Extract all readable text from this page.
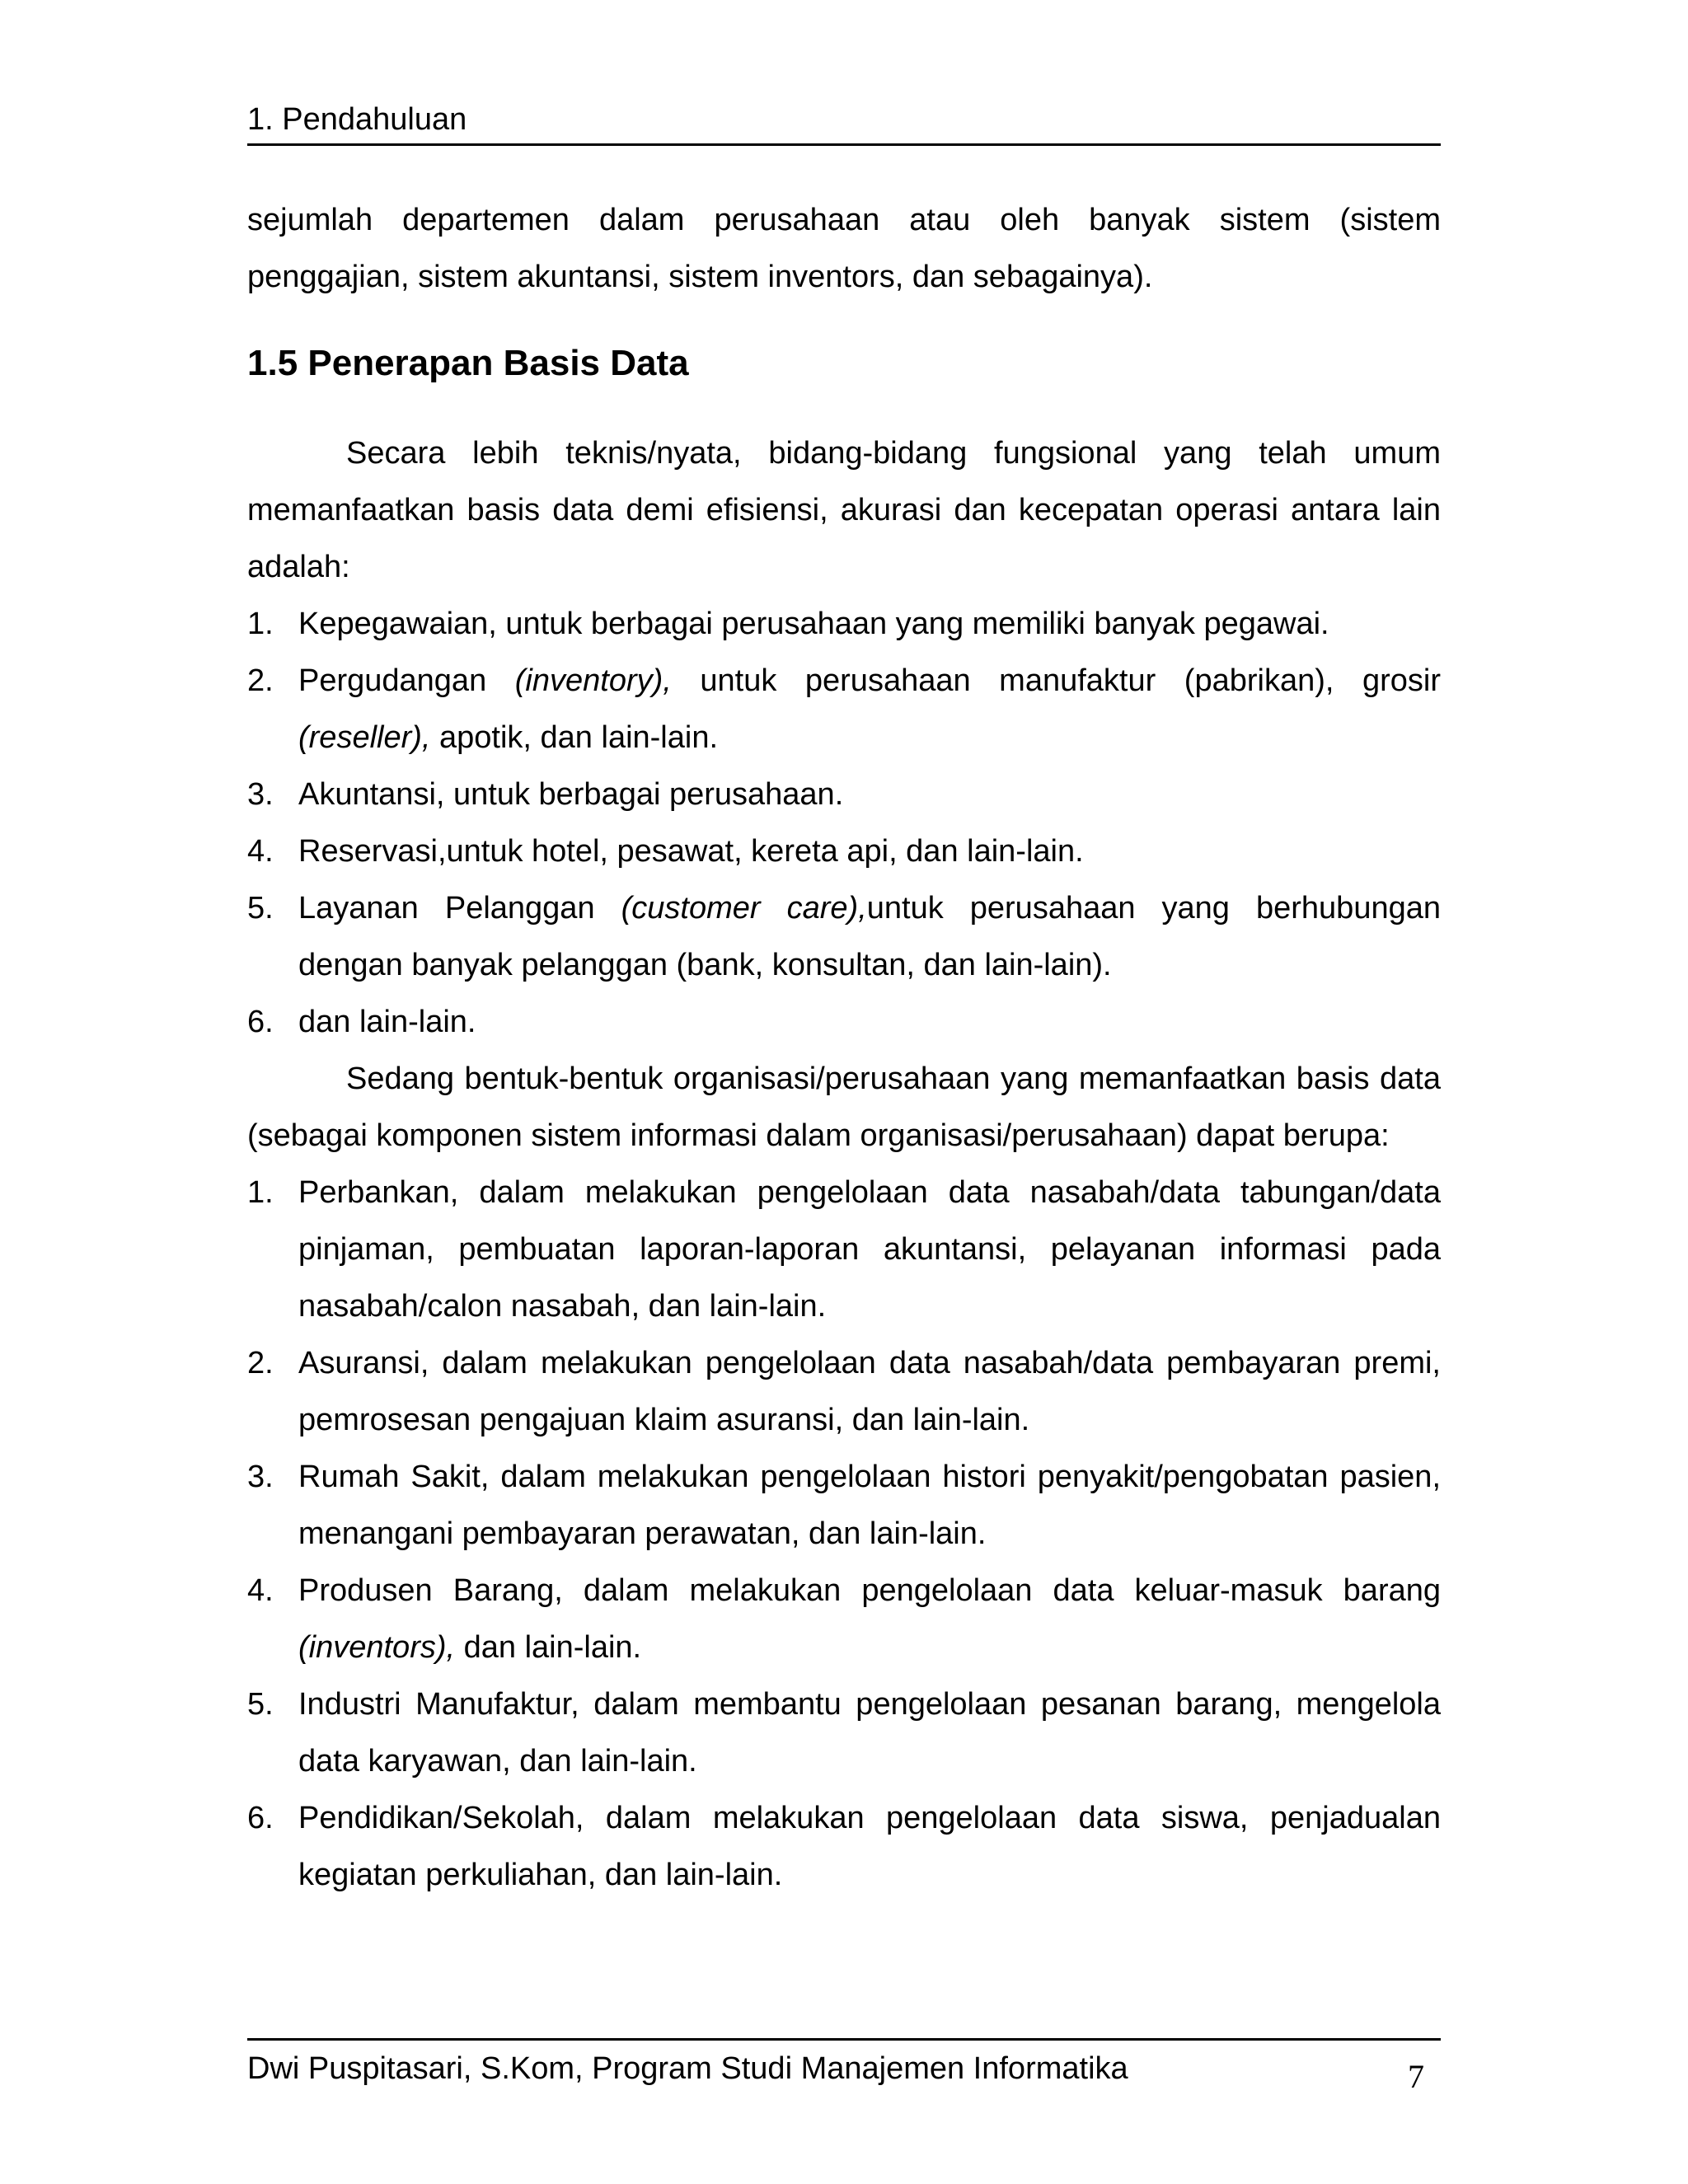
1. Pendahuluan

sejumlah departemen dalam perusahaan atau oleh banyak sistem (sistem penggajian, sistem akuntansi, sistem inventors, dan sebagainya).

1.5 Penerapan Basis Data

Secara lebih teknis/nyata, bidang-bidang fungsional yang telah umum memanfaatkan basis data demi efisiensi, akurasi dan kecepatan operasi antara lain adalah:

1. Kepegawaian, untuk berbagai perusahaan yang memiliki banyak pegawai.
2. Pergudangan (inventory), untuk perusahaan manufaktur (pabrikan), grosir (reseller), apotik, dan lain-lain.
3. Akuntansi, untuk berbagai perusahaan.
4. Reservasi,untuk hotel, pesawat, kereta api, dan lain-lain.
5. Layanan Pelanggan (customer care),untuk perusahaan yang berhubungan dengan banyak pelanggan (bank, konsultan, dan lain-lain).
6. dan lain-lain.

Sedang bentuk-bentuk organisasi/perusahaan yang memanfaatkan basis data (sebagai komponen sistem informasi dalam organisasi/perusahaan) dapat berupa:

1. Perbankan, dalam melakukan pengelolaan data nasabah/data tabungan/data pinjaman, pembuatan laporan-laporan akuntansi, pelayanan informasi pada nasabah/calon nasabah, dan lain-lain.
2. Asuransi, dalam melakukan pengelolaan data nasabah/data pembayaran premi, pemrosesan pengajuan klaim asuransi, dan lain-lain.
3. Rumah Sakit, dalam melakukan pengelolaan histori penyakit/pengobatan pasien, menangani pembayaran perawatan, dan lain-lain.
4. Produsen Barang, dalam melakukan pengelolaan data keluar-masuk barang (inventors), dan lain-lain.
5. Industri Manufaktur, dalam membantu pengelolaan pesanan barang, mengelola data karyawan, dan lain-lain.
6. Pendidikan/Sekolah, dalam melakukan pengelolaan data siswa, penjadualan kegiatan perkuliahan, dan lain-lain.
Dwi Puspitasari, S.Kom, Program Studi Manajemen Informatika	7
